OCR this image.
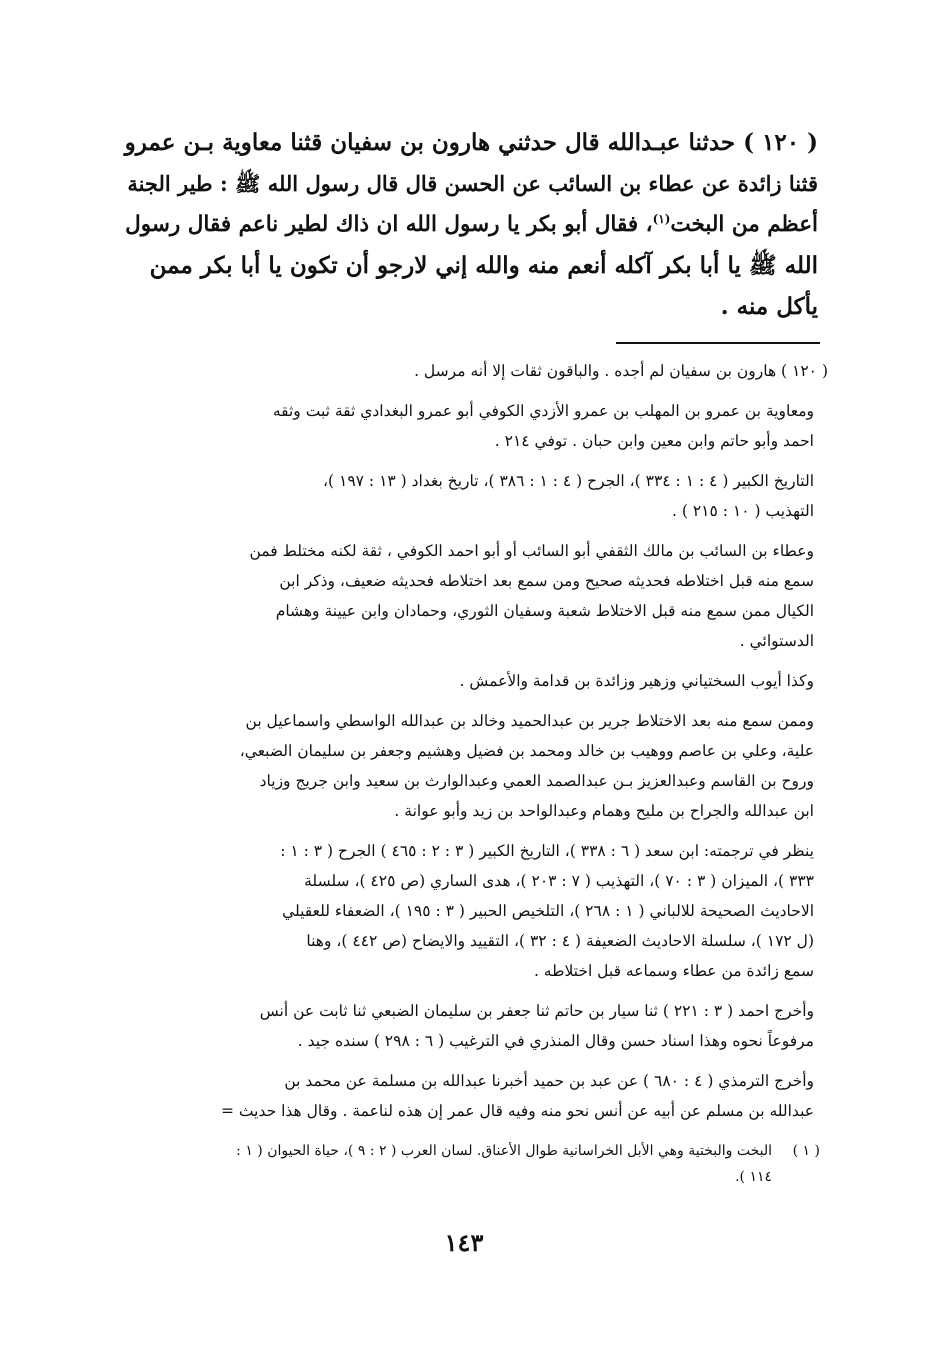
( ١٢٠ ) حدثنا عبـدالله قال حدثني هارون بن سفيان قثنا معاوية بـن عمرو
قثنا زائدة عن عطاء بن السائب عن الحسن قال قال رسول الله ﷺ : طير الجنة
أعظم من البخت$^{(١)}$، فقال أبو بكر يا رسول الله ان ذاك لطير ناعم فقال رسول
الله ﷺ يا أبا بكر آكله أنعم منه والله إني لارجو أن تكون يا أبا بكر ممن
يأكل منه .

( ١٢٠ ) هارون بن سفيان لم أجده . والباقون ثقات إلا أنه مرسل .

ومعاوية بن عمرو بن المهلب بن عمرو الأزدي الكوفي أبو عمرو البغدادي ثقة ثبت وثقه
احمد وأبو حاتم وابن معين وابن حبان . توفي ٢١٤ .

التاريخ الكبير ( ٤ : ١ : ٣٣٤ )، الجرح ( ٤ : ١ : ٣٨٦ )، تاريخ بغداد ( ١٣ : ١٩٧ )،
التهذيب ( ١٠ : ٢١٥ ) .

وعطاء بن السائب بن مالك الثقفي أبو السائب أو أبو احمد الكوفي ، ثقة لكنه مختلط فمن
سمع منه قبل اختلاطه فحديثه صحيح ومن سمع بعد اختلاطه فحديثه ضعيف، وذكر ابن
الكيال ممن سمع منه قبل الاختلاط شعبة وسفيان الثوري، وحمادان وابن عيينة وهشام
الدستوائي .

وكذا أيوب السختياني وزهير وزائدة بن قدامة والأعمش .

وممن سمع منه بعد الاختلاط جرير بن عبدالحميد وخالد بن عبدالله الواسطي واسماعيل بن
علية، وعلي بن عاصم ووهيب بن خالد ومحمد بن فضيل وهشيم وجعفر بن سليمان الضبعي،
وروح بن القاسم وعبدالعزيز بـن عبدالصمد العمي وعبدالوارث بن سعيد وابن جريج وزياد
ابن عبدالله والجراح بن مليح وهمام وعبدالواحد بن زيد وأبو عوانة .

ينظر في ترجمته: ابن سعد ( ٦ : ٣٣٨ )، التاريخ الكبير ( ٣ : ٢ : ٤٦٥ ) الجرح ( ٣ : ١ :
٣٣٣ )، الميزان ( ٣ : ٧٠ )، التهذيب ( ٧ : ٢٠٣ )، هدى الساري (ص ٤٢٥ )، سلسلة
الاحاديث الصحيحة للالباني ( ١ : ٢٦٨ )، التلخيص الحبير ( ٣ : ١٩٥ )، الضعفاء للعقيلي
(ل ١٧٢ )، سلسلة الاحاديث الضعيفة ( ٤ : ٣٢ )، التقييد والايضاح (ص ٤٤٢ )، وهنا
سمع زائدة من عطاء وسماعه قبل اختلاطه .

وأخرج احمد ( ٣ : ٢٢١ ) ثنا سيار بن حاتم ثنا جعفر بن سليمان الضبعي ثنا ثابت عن أنس
مرفوعاً نحوه وهذا اسناد حسن وقال المنذري في الترغيب ( ٦ : ٢٩٨ ) سنده جيد .

وأخرج الترمذي ( ٤ : ٦٨٠ ) عن عبد بن حميد أخبرنا عبدالله بن مسلمة عن محمد بن
عبدالله بن مسلم عن أبيه عن أنس نحو منه وفيه قال عمر إن هذه لناعمة . وقال هذا حديث =

( ١ )
البخت والبختية وهي الأبل الخراسانية طوال الأعناق. لسان العرب ( ٢ : ٩ )، حياة الحيوان ( ١ :
١١٤ ).
١٤٣
